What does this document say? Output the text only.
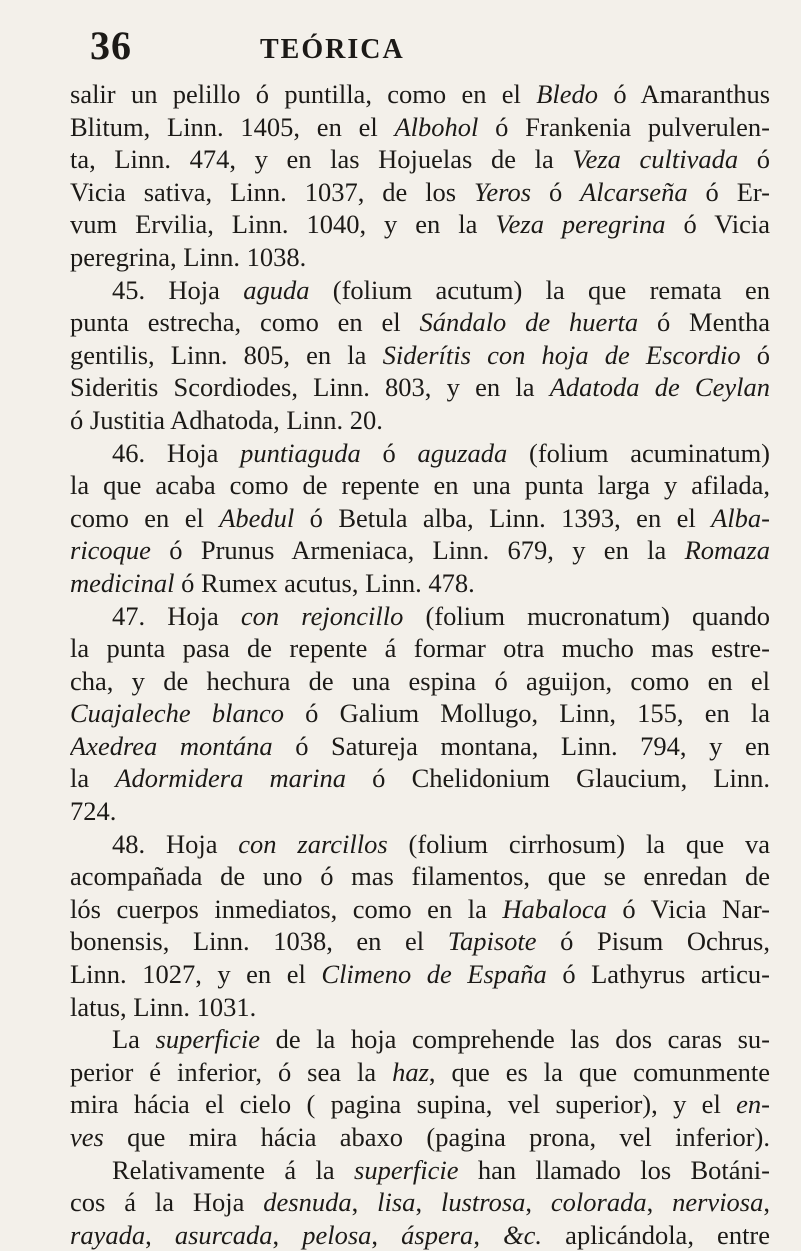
36	TEÓRICA
salir un pelillo ó puntilla, como en el Bledo ó Amaranthus
Blitum, Linn. 1405, en el Albohol ó Frankenia pulverulen-
ta, Linn. 474, y en las Hojuelas de la Veza cultivada ó
Vicia sativa, Linn. 1037, de los Yeros ó Alcarseña ó Er-
vum Ervilia, Linn. 1040, y en la Veza peregrina ó Vicia
peregrina, Linn. 1038.
45. Hoja aguda (folium acutum) la que remata en
punta estrecha, como en el Sándalo de huerta ó Mentha
gentilis, Linn. 805, en la Siderítis con hoja de Escordio ó
Sideritis Scordiodes, Linn. 803, y en la Adatoda de Ceylan
ó Justitia Adhatoda, Linn. 20.
46. Hoja puntiaguda ó aguzada (folium acuminatum)
la que acaba como de repente en una punta larga y afilada,
como en el Abedul ó Betula alba, Linn. 1393, en el Alba-
ricoque ó Prunus Armeniaca, Linn. 679, y en la Romaza
medicinal ó Rumex acutus, Linn. 478.
47. Hoja con rejoncillo (folium mucronatum) quando
la punta pasa de repente á formar otra mucho mas estre-
cha, y de hechura de una espina ó aguijon, como en el
Cuajaleche blanco ó Galium Mollugo, Linn, 155, en la
Axedrea montána ó Satureja montana, Linn. 794, y en
la Adormidera marina ó Chelidonium Glaucium, Linn.
724.
48. Hoja con zarcillos (folium cirrhosum) la que va
acompañada de uno ó mas filamentos, que se enredan de
lós cuerpos inmediatos, como en la Habaloca ó Vicia Nar-
bonensis, Linn. 1038, en el Tapisote ó Pisum Ochrus,
Linn. 1027, y en el Climeno de España ó Lathyrus articu-
latus, Linn. 1031.
La superficie de la hoja comprehende las dos caras su-
perior é inferior, ó sea la haz, que es la que comunmente
mira hácia el cielo ( pagina supina, vel superior), y el en-
ves que mira hácia abaxo (pagina prona, vel inferior).
Relativamente á la superficie han llamado los Botáni-
cos á la Hoja desnuda, lisa, lustrosa, colorada, nerviosa,
rayada, asurcada, pelosa, áspera, &c. aplicándola, entre
